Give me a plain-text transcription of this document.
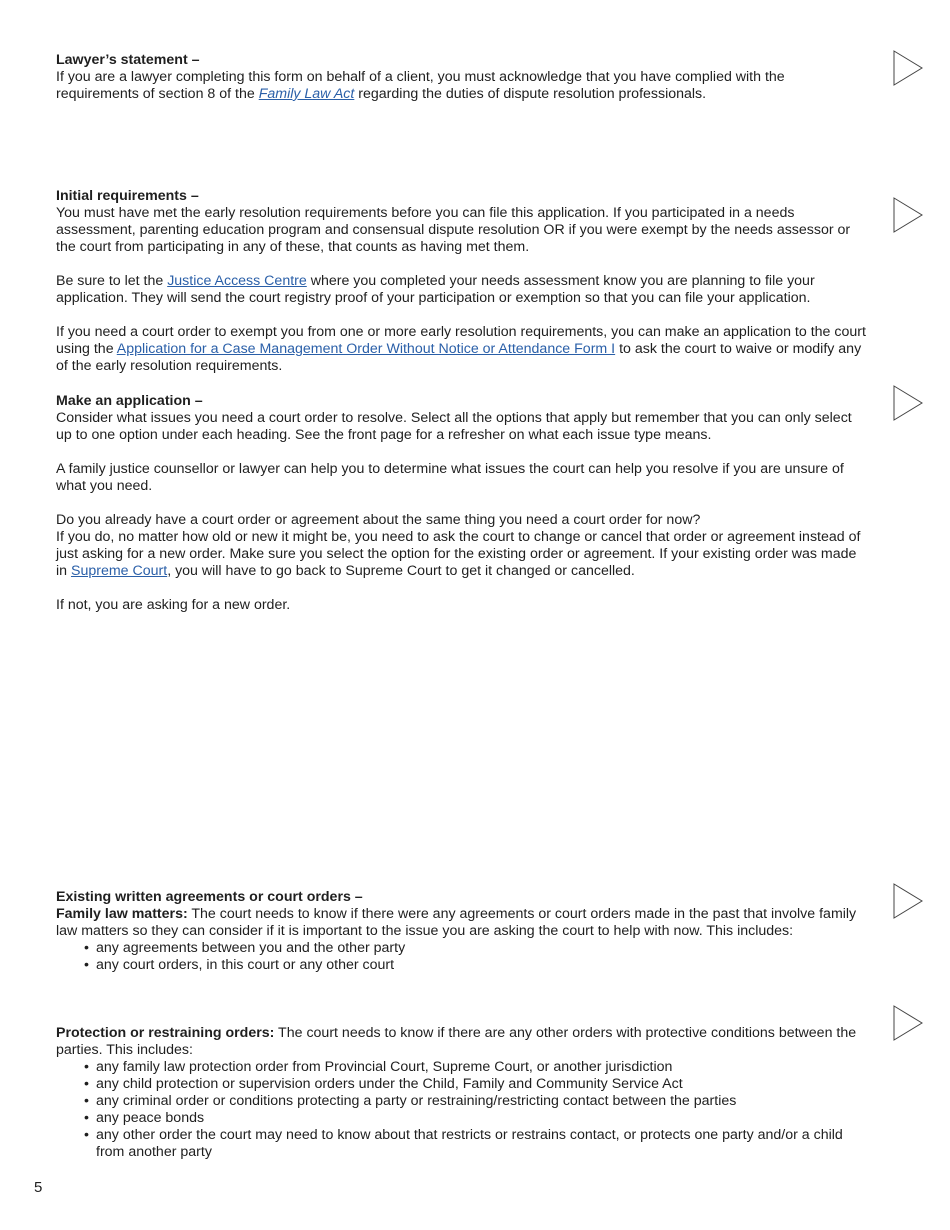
Lawyer’s statement –

If you are a lawyer completing this form on behalf of a client, you must acknowledge that you have complied with the requirements of section 8 of the Family Law Act regarding the duties of dispute resolution professionals.

Initial requirements –

You must have met the early resolution requirements before you can file this application. If you participated in a needs assessment, parenting education program and consensual dispute resolution OR if you were exempt by the needs assessor or the court from participating in any of these, that counts as having met them.

Be sure to let the Justice Access Centre where you completed your needs assessment know you are planning to file your application. They will send the court registry proof of your participation or exemption so that you can file your application.

If you need a court order to exempt you from one or more early resolution requirements, you can make an application to the court using the Application for a Case Management Order Without Notice or Attendance Form I to ask the court to waive or modify any of the early resolution requirements.

Make an application –

Consider what issues you need a court order to resolve. Select all the options that apply but remember that you can only select up to one option under each heading. See the front page for a refresher on what each issue type means.

A family justice counsellor or lawyer can help you to determine what issues the court can help you resolve if you are unsure of what you need.

Do you already have a court order or agreement about the same thing you need a court order for now?

If you do, no matter how old or new it might be, you need to ask the court to change or cancel that order or agreement instead of just asking for a new order. Make sure you select the option for the existing order or agreement. If your existing order was made in Supreme Court, you will have to go back to Supreme Court to get it changed or cancelled.

If not, you are asking for a new order.

Existing written agreements or court orders –

Family law matters: The court needs to know if there were any agreements or court orders made in the past that involve family law matters so they can consider if it is important to the issue you are asking the court to help with now. This includes:

• any agreements between you and the other party
• any court orders, in this court or any other court

Protection or restraining orders: The court needs to know if there are any other orders with protective conditions between the parties. This includes:

• any family law protection order from Provincial Court, Supreme Court, or another jurisdiction
• any child protection or supervision orders under the Child, Family and Community Service Act
• any criminal order or conditions protecting a party or restraining/restricting contact between the parties
• any peace bonds
• any other order the court may need to know about that restricts or restrains contact, or protects one party and/or a child from another party
5
